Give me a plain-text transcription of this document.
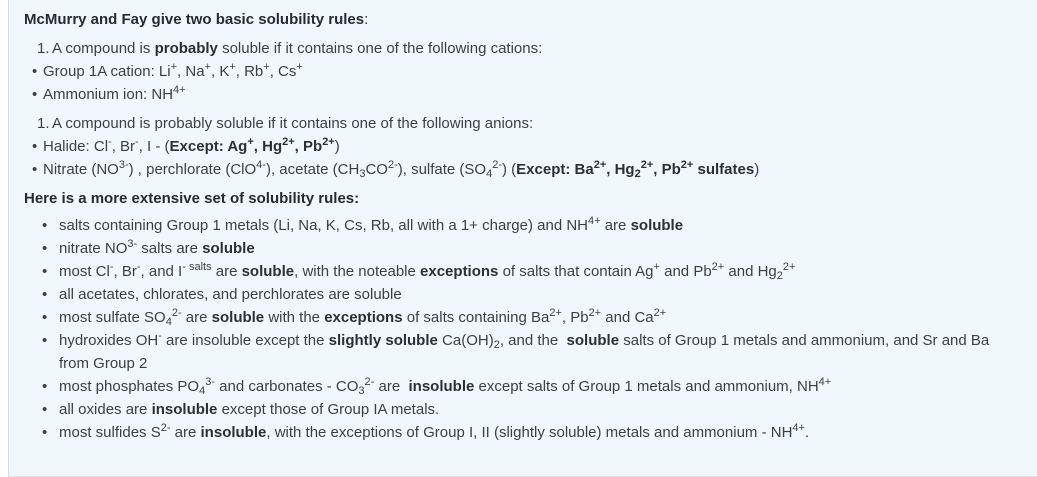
McMurry and Fay give two basic solubility rules:
1. A compound is probably soluble if it contains one of the following cations:
• Group 1A cation: Li+, Na+, K+, Rb+, Cs+
• Ammonium ion: $NH^{4+}$
1. A compound is probably soluble if it contains one of the following anions:
• Halide: Cl-, Br-, I - (Except: Ag+, $Hg^{2+}$, $Pb^{2+}$)
• Nitrate $(NO^{3-})$ , perchlorate (ClO$^{4-}$), acetate $(CH_3CO^{2-})$, sulfate $(SO_4^{2-})$ (Except: $Ba^{2+}$, $Hg_2^{2+}$, $Pb^{2+}$ sulfates)
Here is a more extensive set of solubility rules:
• salts containing Group 1 metals (Li, Na, K, Cs, Rb, all with a 1+ charge) and $NH^{4+}$ are soluble
• nitrate $NO^{3-}$ salts are soluble
• most Cl-, Br-, and $I^{- salts}$ are soluble, with the noteable exceptions of salts that contain Ag+ and $Pb^{2+}$ and $Hg_2^{2+}$
• all acetates, chlorates, and perchlorates are soluble
• most sulfate $SO_4^{2-}$ are soluble with the exceptions of salts containing $Ba^{2+}$, $Pb^{2+}$ and $Ca^{2+}$
• hydroxides OH- are insoluble except the slightly soluble $Ca(OH)_2$, and the  soluble salts of Group 1 metals and ammonium, and Sr and Ba
from Group 2
• most phosphates $PO_4^{3-}$ and carbonates - $CO_3^{2-}$ are  insoluble except salts of Group 1 metals and ammonium, $NH^{4+}$
• all oxides are insoluble except those of Group IA metals.
• most sulfides $S^{2-}$ are insoluble, with the exceptions of Group I, II (slightly soluble) metals and ammonium - $NH^{4+}$.
